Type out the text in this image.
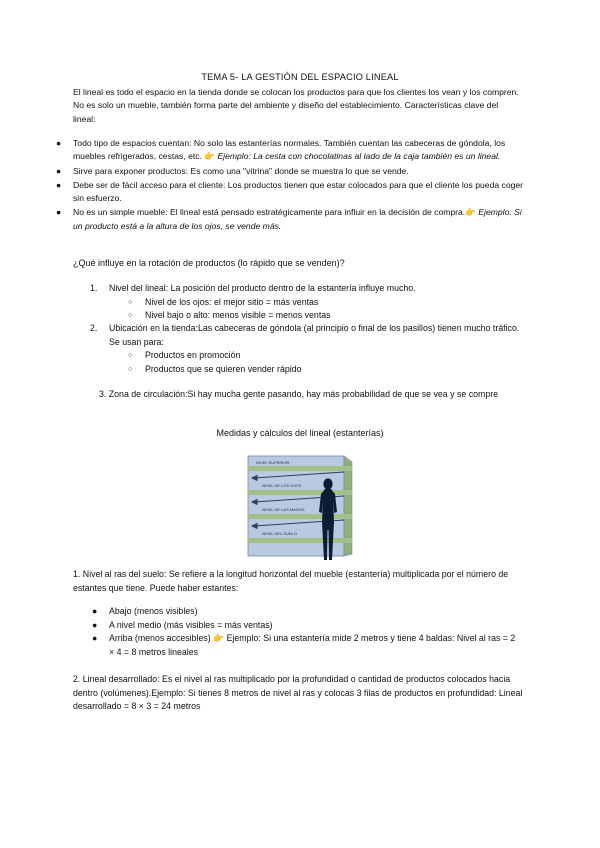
TEMA 5- LA GESTIÓN DEL ESPACIO LINEAL
El lineal es todo el espacio en la tienda donde se colocan los productos para que los clientes los vean y los compren. No es solo un mueble, también forma parte del ambiente y diseño del establecimiento. Características clave del lineal:
● Todo tipo de espacios cuentan: No solo las estanterías normales. También cuentan las cabeceras de góndola, los muebles refrigerados, cestas, etc. 👉 Ejemplo: La cesta con chocolatinas al lado de la caja también es un lineal.
● Sirve para exponer productos: Es como una "vitrina" donde se muestra lo que se vende.
● Debe ser de fácil acceso para el cliente: Los productos tienen que estar colocados para que el cliente los pueda coger sin esfuerzo.
● No es un simple mueble: El lineal está pensado estratégicamente para influir en la decisión de compra.👉 Ejemplo: Si un producto está a la altura de los ojos, se vende más.
¿Qué influye en la rotación de productos (lo rápido que se venden)?
1.	Nivel del lineal: La posición del producto dentro de la estantería influye mucho.
○ Nivel de los ojos: el mejor sitio = más ventas
○ Nivel bajo o alto: menos visible = menos ventas
2.	Ubicación en la tienda:Las cabeceras de góndola (al principio o final de los pasillos) tienen mucho tráfico. Se usan para:
○ Productos en promoción
○ Productos que se quieren vender rápido
3. Zona de circulación:Si hay mucha gente pasando, hay más probabilidad de que se vea y se compre
Medidas y cálculos del lineal (estanterías)
NIVEL SUPERIOR
NIVEL DE LOS OJOS
NIVEL DE LAS MANOS
NIVEL DEL SUELO
1. Nivel al ras del suelo: Se refiere a la longitud horizontal del mueble (estantería) multiplicada por el número de estantes que tiene. Puede haber estantes:
● Abajo (menos visibles)
● A nivel medio (más visibles = más ventas)
● Arriba (menos accesibles) 👉 Ejemplo: Si una estantería mide 2 metros y tiene 4 baldas: Nivel al ras = 2 × 4 = 8 metros lineales
2. Lineal desarrollado: Es el nivel al ras multiplicado por la profundidad o cantidad de productos colocados hacia dentro (volúmenes).Ejemplo: Si tienes 8 metros de nivel al ras y colocas 3 filas de productos en profundidad: Lineal desarrollado = 8 × 3 = 24 metros
